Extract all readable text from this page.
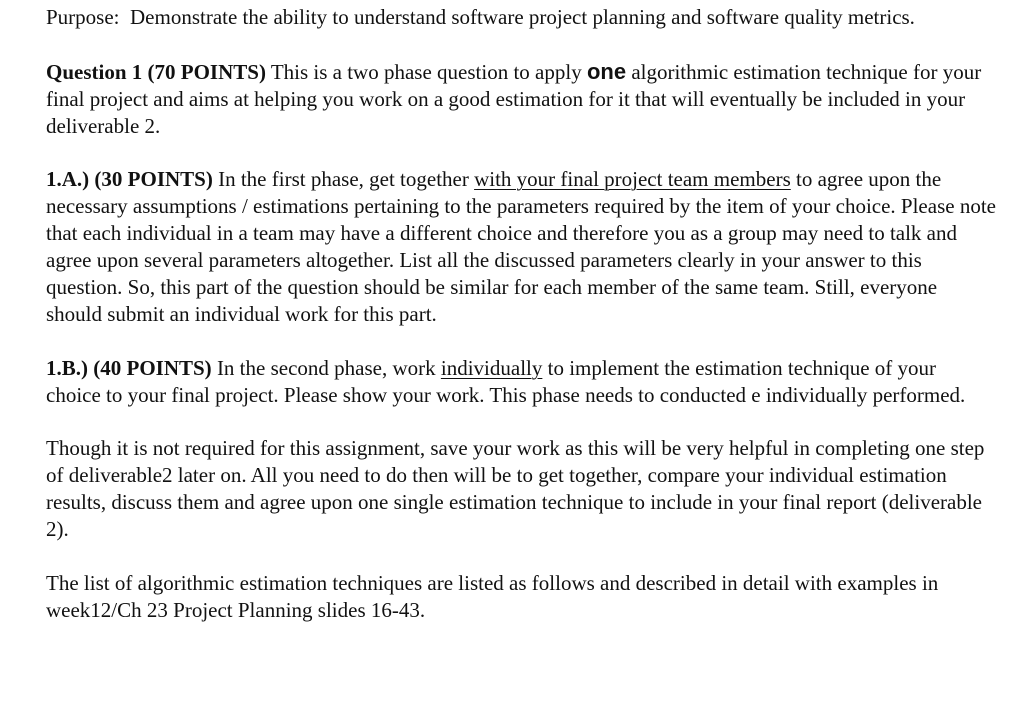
Purpose: Demonstrate the ability to understand software project planning and software quality metrics.

Question 1 (70 POINTS) This is a two phase question to apply one algorithmic estimation technique for your final project and aims at helping you work on a good estimation for it that will eventually be included in your deliverable 2.

1.A.) (30 POINTS) In the first phase, get together with your final project team members to agree upon the necessary assumptions / estimations pertaining to the parameters required by the item of your choice. Please note that each individual in a team may have a different choice and therefore you as a group may need to talk and agree upon several parameters altogether. List all the discussed parameters clearly in your answer to this question. So, this part of the question should be similar for each member of the same team. Still, everyone should submit an individual work for this part.

1.B.) (40 POINTS) In the second phase, work individually to implement the estimation technique of your choice to your final project. Please show your work. This phase needs to conducted e individually performed.

Though it is not required for this assignment, save your work as this will be very helpful in completing one step of deliverable2 later on. All you need to do then will be to get together, compare your individual estimation results, discuss them and agree upon one single estimation technique to include in your final report (deliverable 2).

The list of algorithmic estimation techniques are listed as follows and described in detail with examples in week12/Ch 23 Project Planning slides 16-43.
